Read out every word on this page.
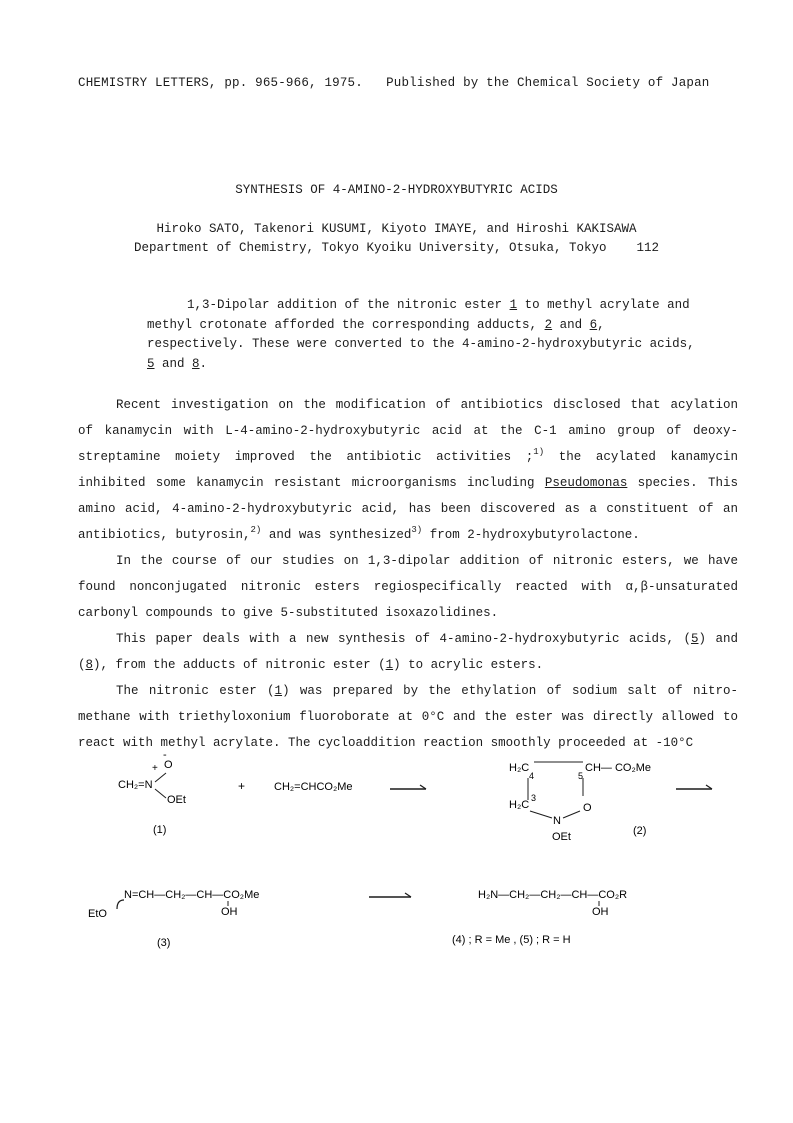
CHEMISTRY LETTERS, pp. 965-966, 1975. Published by the Chemical Society of Japan
SYNTHESIS OF 4-AMINO-2-HYDROXYBUTYRIC ACIDS
Hiroko SATO, Takenori KUSUMI, Kiyoto IMAYE, and Hiroshi KAKISAWA
Department of Chemistry, Tokyo Kyoiku University, Otsuka, Tokyo 112

1,3-Dipolar addition of the nitronic ester 1 to methyl acrylate and methyl crotonate afforded the corresponding adducts, 2 and 6, respectively. These were converted to the 4-amino-2-hydroxybutyric acids, 5 and 8.

Recent investigation on the modification of antibiotics disclosed that acylation of kanamycin with L-4-amino-2-hydroxybutyric acid at the C-1 amino group of deoxy-streptamine moiety improved the antibiotic activities ;$^{1)}$ the acylated kanamycin inhibited some kanamycin resistant microorganisms including Pseudomonas species. This amino acid, 4-amino-2-hydroxybutyric acid, has been discovered as a constituent of an antibiotics, butyrosin,$^{2)}$ and was synthesized$^{3)}$ from 2-hydroxybutyrolactone.

In the course of our studies on 1,3-dipolar addition of nitronic esters, we have found nonconjugated nitronic esters regiospecifically reacted with α,β-unsaturated carbonyl compounds to give 5-substituted isoxazolidines.

This paper deals with a new synthesis of 4-amino-2-hydroxybutyric acids, (5) and (8), from the adducts of nitronic ester (1) to acrylic esters.

The nitronic ester (1) was prepared by the ethylation of sodium salt of nitro-methane with triethyloxonium fluoroborate at 0°C and the ester was directly allowed to react with methyl acrylate. The cycloaddition reaction smoothly proceeded at -10°C

+ O
-
CH₂=N
OEt
(1)
+	CH₂=CHCO₂Me
H₂C
4	5
CH— CO₂Me
3
H₂C
N
O
OEt	(2)
EtO
N=CH—CH₂—CH—CO₂Me
OH
(3)
H₂N—CH₂—CH₂—CH—CO₂R
OH
(4) ; R = Me , (5) ; R = H
